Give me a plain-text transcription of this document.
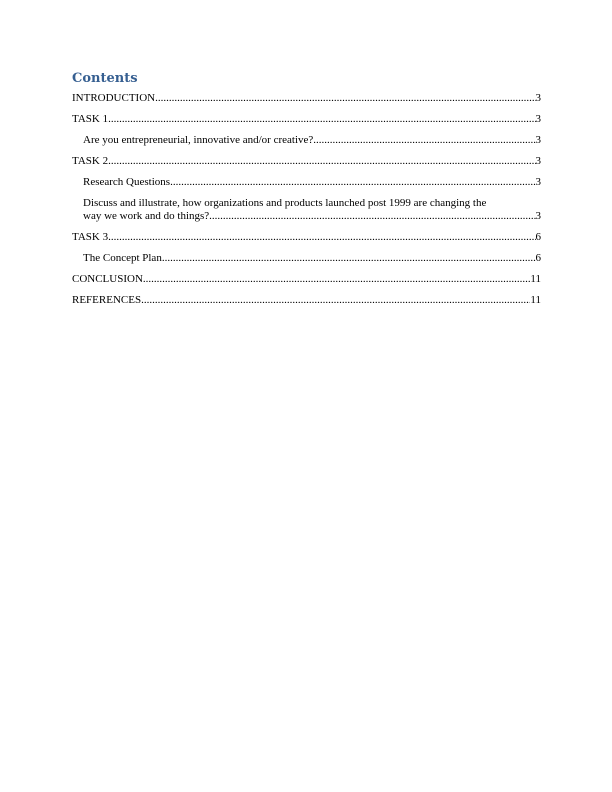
Contents
INTRODUCTION .....	3
TASK 1 .....	3
Are you entrepreneurial, innovative and/or creative? .....	3
TASK 2 .....	3
Research Questions .....	3
Discuss and illustrate, how organizations and products launched post 1999 are changing the
way we work and do things? .....	3
TASK 3 .....	6
The Concept Plan .....	6
CONCLUSION .....	11
REFERENCES .....	11
